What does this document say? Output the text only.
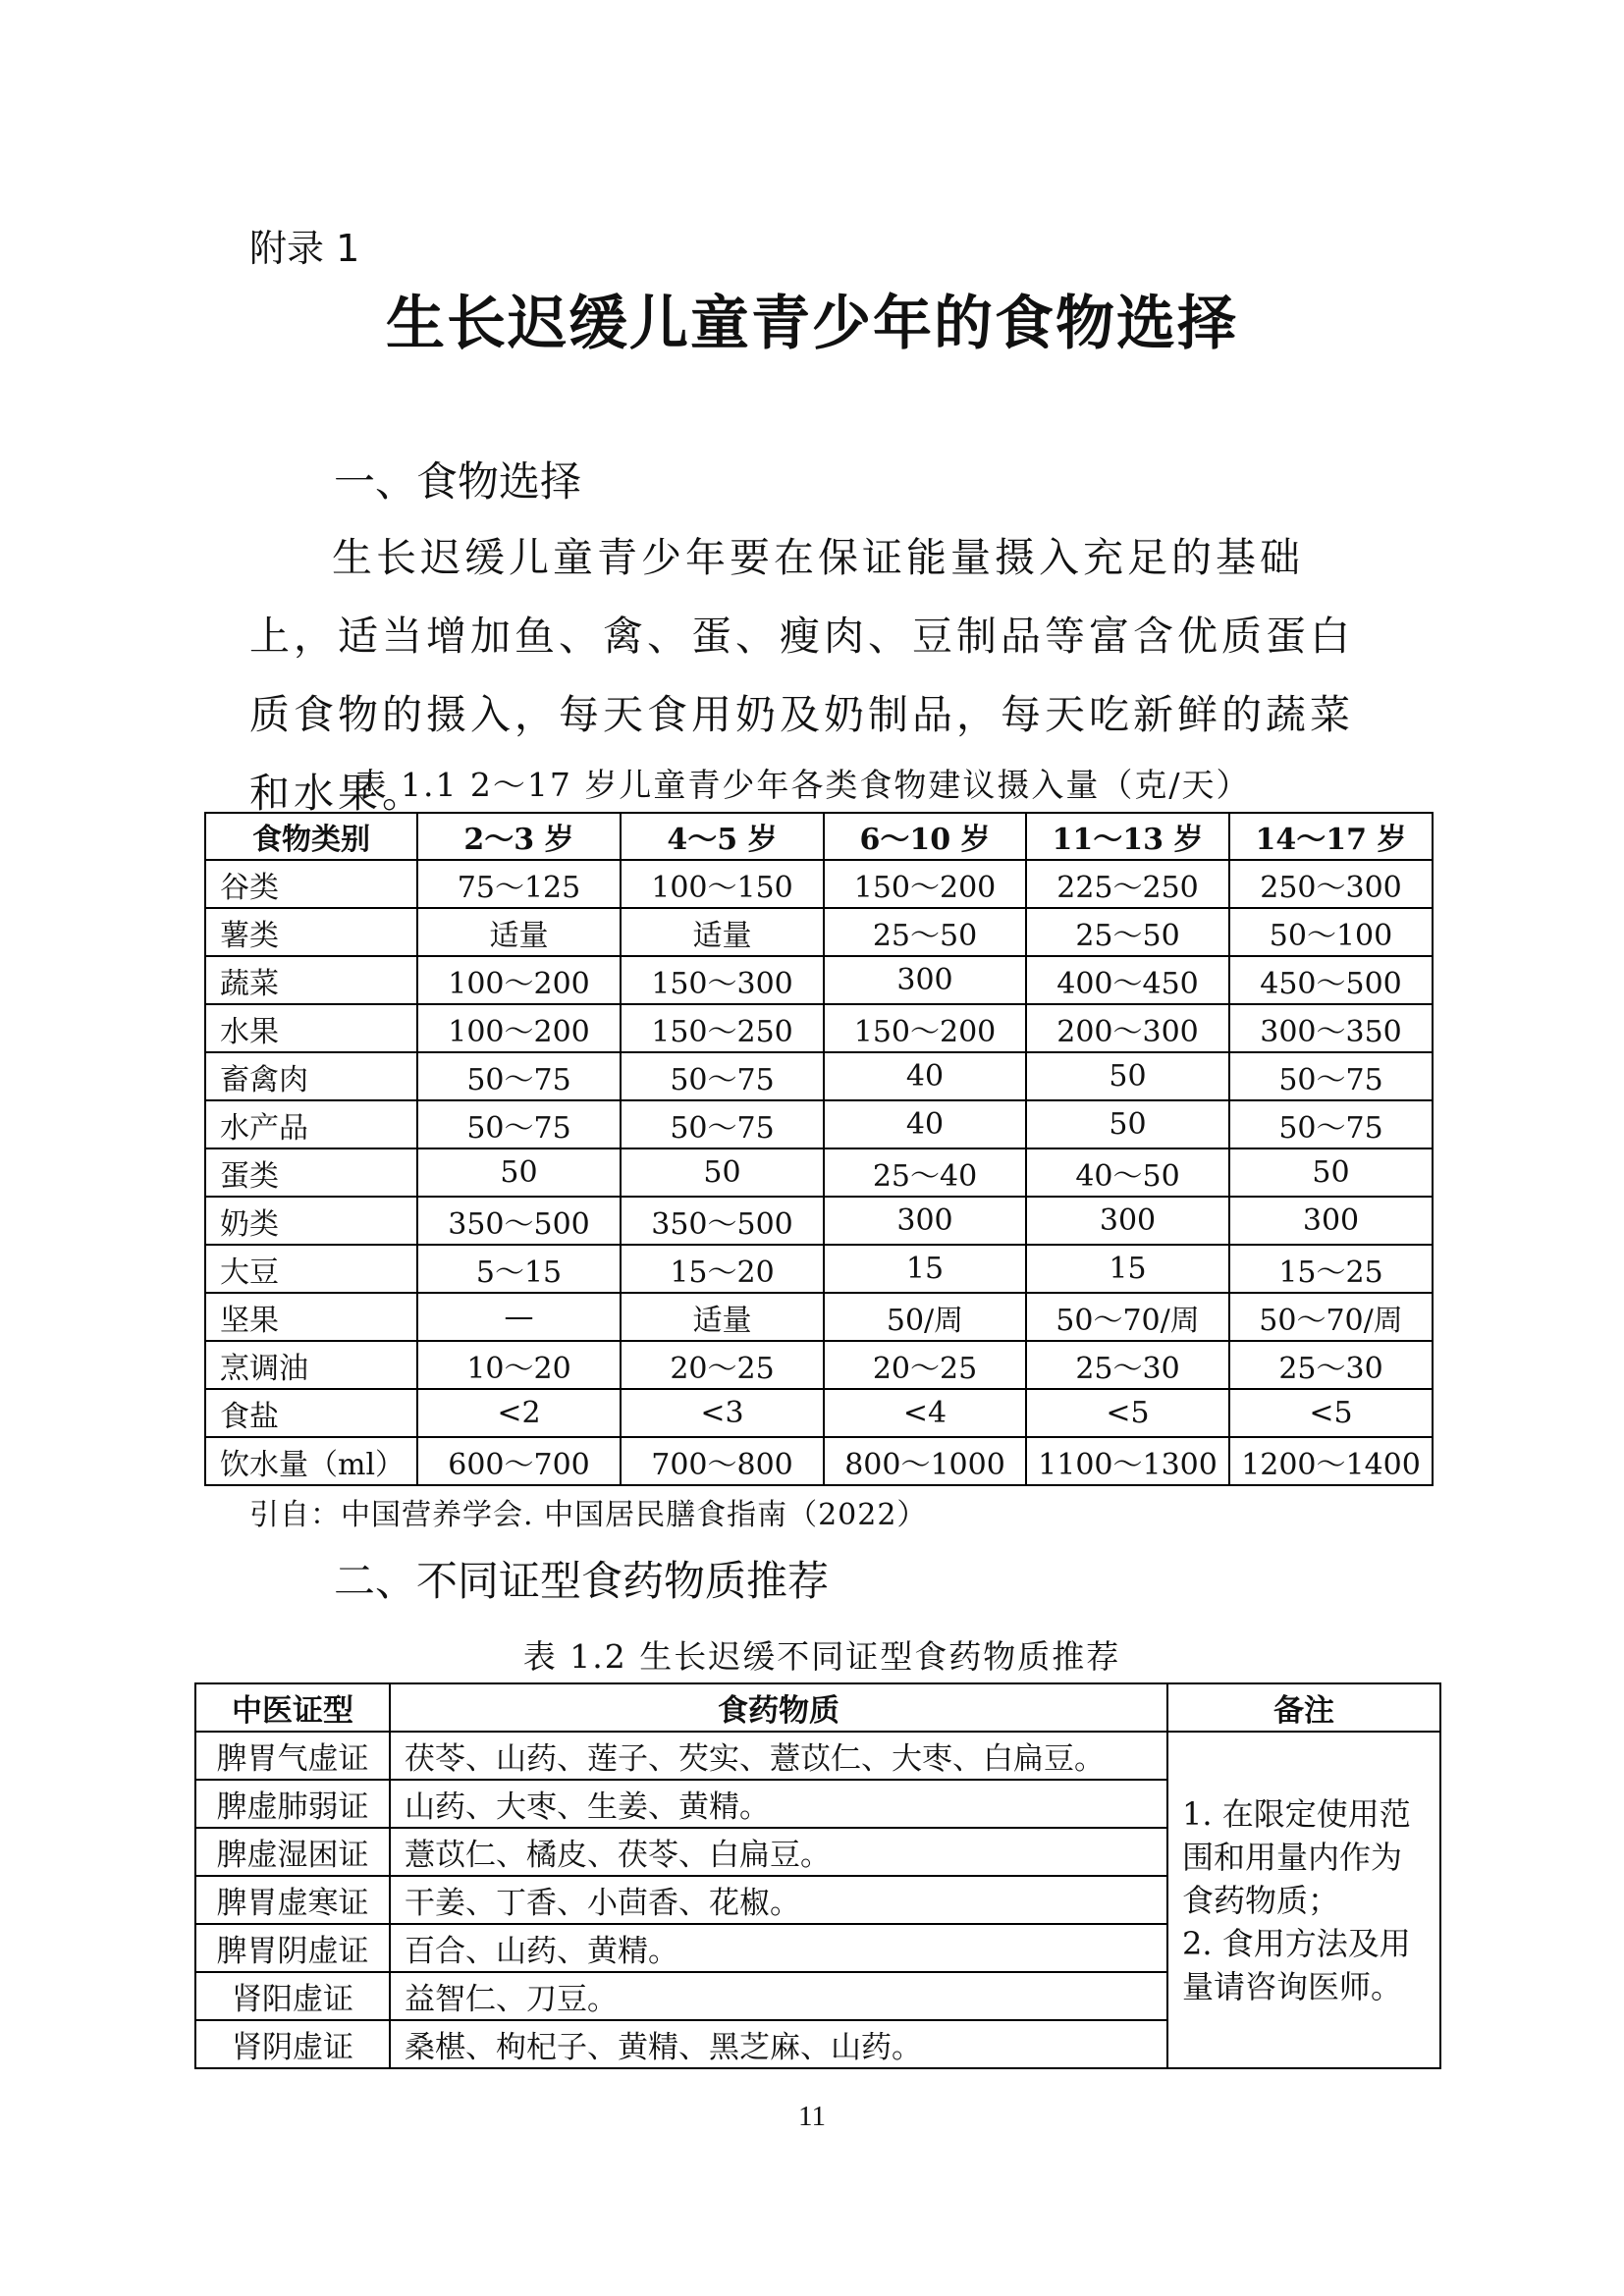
附录 1
生长迟缓儿童青少年的食物选择
一、食物选择
生长迟缓儿童青少年要在保证能量摄入充足的基础上，适当增加鱼、禽、蛋、瘦肉、豆制品等富含优质蛋白质食物的摄入，每天食用奶及奶制品，每天吃新鲜的蔬菜和水果。
表 1.1 2～17 岁儿童青少年各类食物建议摄入量（克/天）
食物类别	2～3 岁	4～5 岁	6～10 岁	11～13 岁	14～17 岁
谷类	75～125	100～150	150～200	225～250	250～300
薯类	适量	适量	25～50	25～50	50～100
蔬菜	100～200	150～300	300	400～450	450～500
水果	100～200	150～250	150～200	200～300	300～350
畜禽肉	50～75	50～75	40	50	50～75
水产品	50～75	50～75	40	50	50～75
蛋类	50	50	25～40	40～50	50
奶类	350～500	350～500	300	300	300
大豆	5～15	15～20	15	15	15～25
坚果	—	适量	50/周	50～70/周	50～70/周
烹调油	10～20	20～25	20～25	25～30	25～30
食盐	<2	<3	<4	<5	<5
饮水量（ml）	600～700	700～800	800～1000	1100～1300	1200～1400
引自：中国营养学会. 中国居民膳食指南（2022）
二、不同证型食药物质推荐
表 1.2 生长迟缓不同证型食药物质推荐
中医证型	食药物质	备注
脾胃气虚证	茯苓、山药、莲子、芡实、薏苡仁、大枣、白扁豆。	1. 在限定使用范围和用量内作为食药物质；
2. 食用方法及用量请咨询医师。

脾虚肺弱证	山药、大枣、生姜、黄精。	
脾虚湿困证	薏苡仁、橘皮、茯苓、白扁豆。	
脾胃虚寒证	干姜、丁香、小茴香、花椒。	
脾胃阴虚证	百合、山药、黄精。	
肾阳虚证	益智仁、刀豆。	
肾阴虚证	桑椹、枸杞子、黄精、黑芝麻、山药。	
11
